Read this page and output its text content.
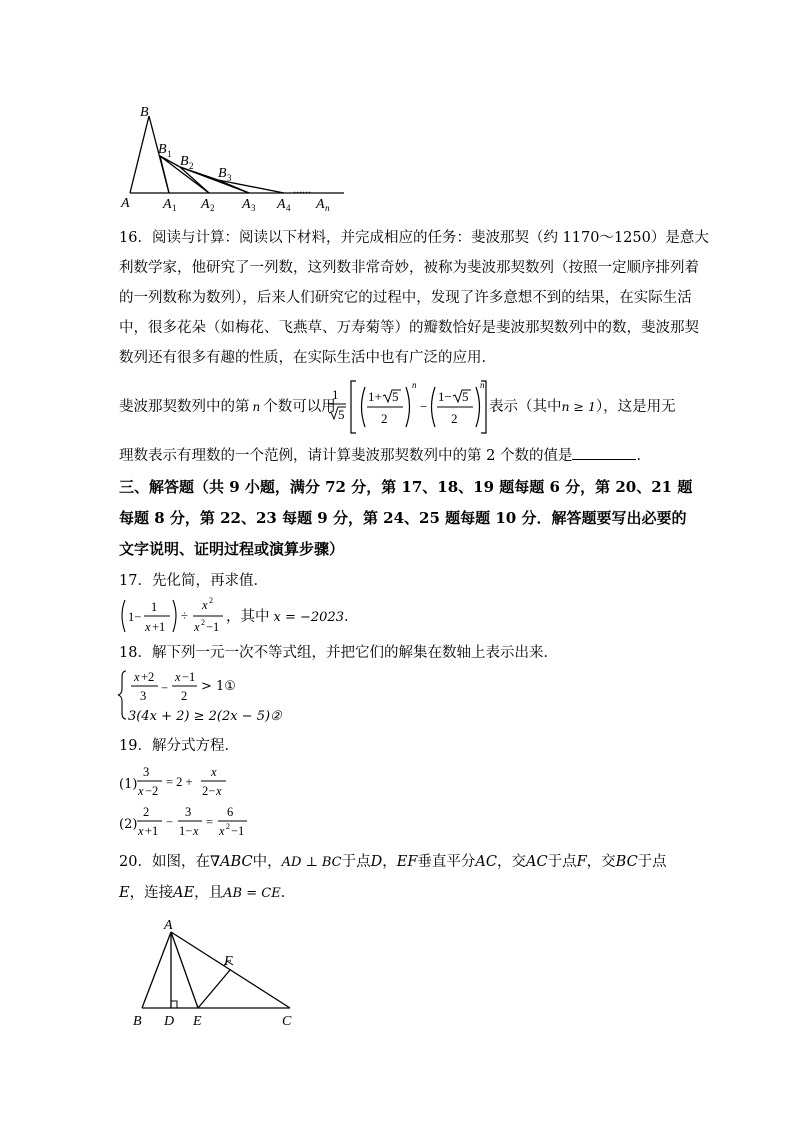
B
B 1 B 2 B 3
A A 1 A 2 A 3 A 4
......
A n
16．阅读与计算：阅读以下材料，并完成相应的任务：斐波那契（约 1170～1250）是意大
利数学家，他研究了一列数，这列数非常奇妙，被称为斐波那契数列（按照一定顺序排列着
的一列数称为数列），后来人们研究它的过程中，发现了许多意想不到的结果，在实际生活
中，很多花朵（如梅花、飞燕草、万寿菊等）的瓣数恰好是斐波那契数列中的数，斐波那契
数列还有很多有趣的性质，在实际生活中也有广泛的应用．
斐波那契数列中的第 n 个数可以用
1
5
1+ 5
2
n
−
1− 5
2
n
表示（其中n ≥ 1），这是用无
理数表示有理数的一个范例，请计算斐波那契数列中的第 2 个数的值是	．
三、解答题（共 9 小题，满分 72 分，第 17、18、19 题每题 6 分，第 20、21 题
每题 8 分，第 22、23 每题 9 分，第 24、25 题每题 10 分．解答题要写出必要的
文字说明、证明过程或演算步骤）
17．先化简，再求值．
1−
1
x +1
÷
x 2
x 2 −1
，其中 x = −2023．
18．解下列一元一次不等式组，并把它们的解集在数轴上表示出来．
x +2
3
−
x −1
2
> 1①
3(4x + 2) ≥ 2(2x − 5)②
19．解分式方程．
(1)
(2)
3
x −2
= 2 +
x
2− x
2
x +1
−
3
1− x
=
6
x 2 −1
20．如图，在∇ABC中，AD ⊥ BC于点D，EF垂直平分AC，交AC于点F，交BC于点
E，连接AE，且AB = CE．
A
F
B D E	C
